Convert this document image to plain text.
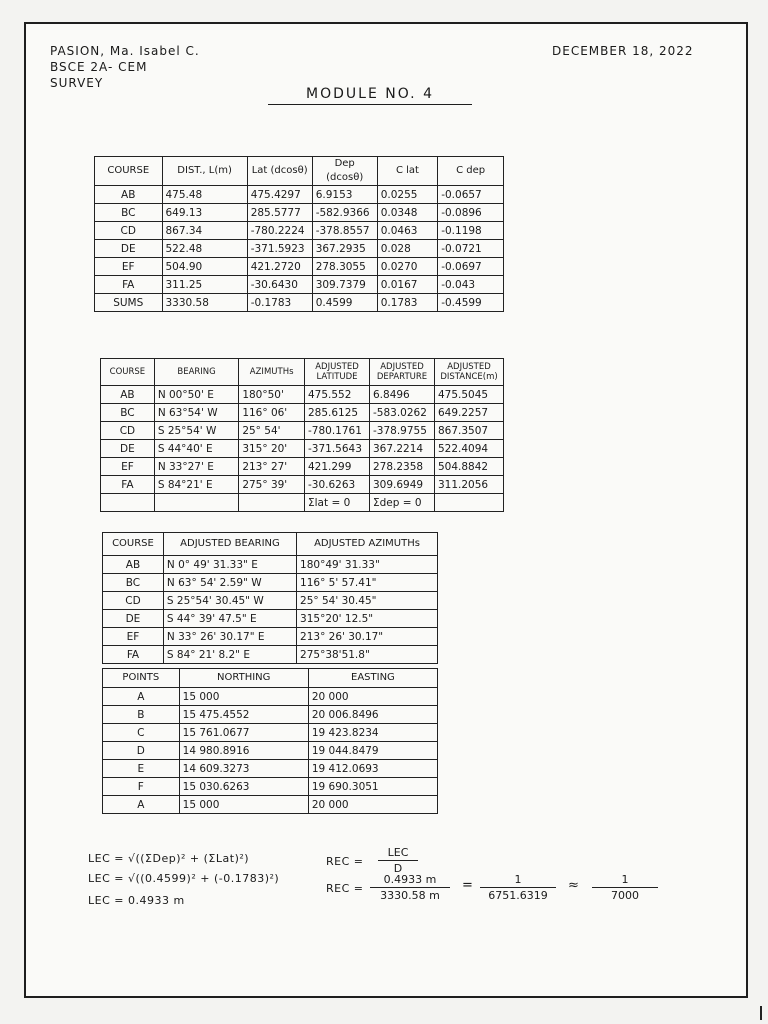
PASION, Ma. Isabel C.
BSCE 2A- CEM
SURVEY
DECEMBER 18, 2022
MODULE NO. 4
COURSE	DIST., L(m)	Lat (dcosθ)	Dep (dcosθ)	C lat	C dep
AB	475.48	475.4297	6.9153	0.0255	-0.0657
BC	649.13	285.5777	-582.9366	0.0348	-0.0896
CD	867.34	-780.2224	-378.8557	0.0463	-0.1198
DE	522.48	-371.5923	367.2935	0.028	-0.0721
EF	504.90	421.2720	278.3055	0.0270	-0.0697
FA	311.25	-30.6430	309.7379	0.0167	-0.043
SUMS	3330.58	-0.1783	0.4599	0.1783	-0.4599
COURSE	BEARING	AZIMUTHs	ADJUSTED LATITUDE	ADJUSTED DEPARTURE	ADJUSTED DISTANCE(m)
AB	N 00°50' E	180°50'	475.552	6.8496	475.5045
BC	N 63°54' W	116° 06'	285.6125	-583.0262	649.2257
CD	S 25°54' W	25° 54'	-780.1761	-378.9755	867.3507
DE	S 44°40' E	315° 20'	-371.5643	367.2214	522.4094
EF	N 33°27' E	213° 27'	421.299	278.2358	504.8842
FA	S 84°21' E	275° 39'	-30.6263	309.6949	311.2056
			Σlat = 0	Σdep = 0	
COURSE	ADJUSTED BEARING	ADJUSTED AZIMUTHs
AB	N 0° 49' 31.33" E	180°49' 31.33"
BC	N 63° 54' 2.59" W	116° 5' 57.41"
CD	S 25°54' 30.45" W	25° 54' 30.45"
DE	S 44° 39' 47.5" E	315°20' 12.5"
EF	N 33° 26' 30.17" E	213° 26' 30.17"
FA	S 84° 21' 8.2" E	275°38'51.8"
POINTS	NORTHING	EASTING
A	15 000	20 000
B	15 475.4552	20 006.8496
C	15 761.0677	19 423.8234
D	14 980.8916	19 044.8479
E	14 609.3273	19 412.0693
F	15 030.6263	19 690.3051
A	15 000	20 000
LEC = √((ΣDep)² + (ΣLat)²)
LEC = √((0.4599)² + (-0.1783)²)
LEC = 0.4933 m
REC =
LEC
D
REC =
0.4933 m
3330.58 m
=	1
6751.6319
≈	1
7000
